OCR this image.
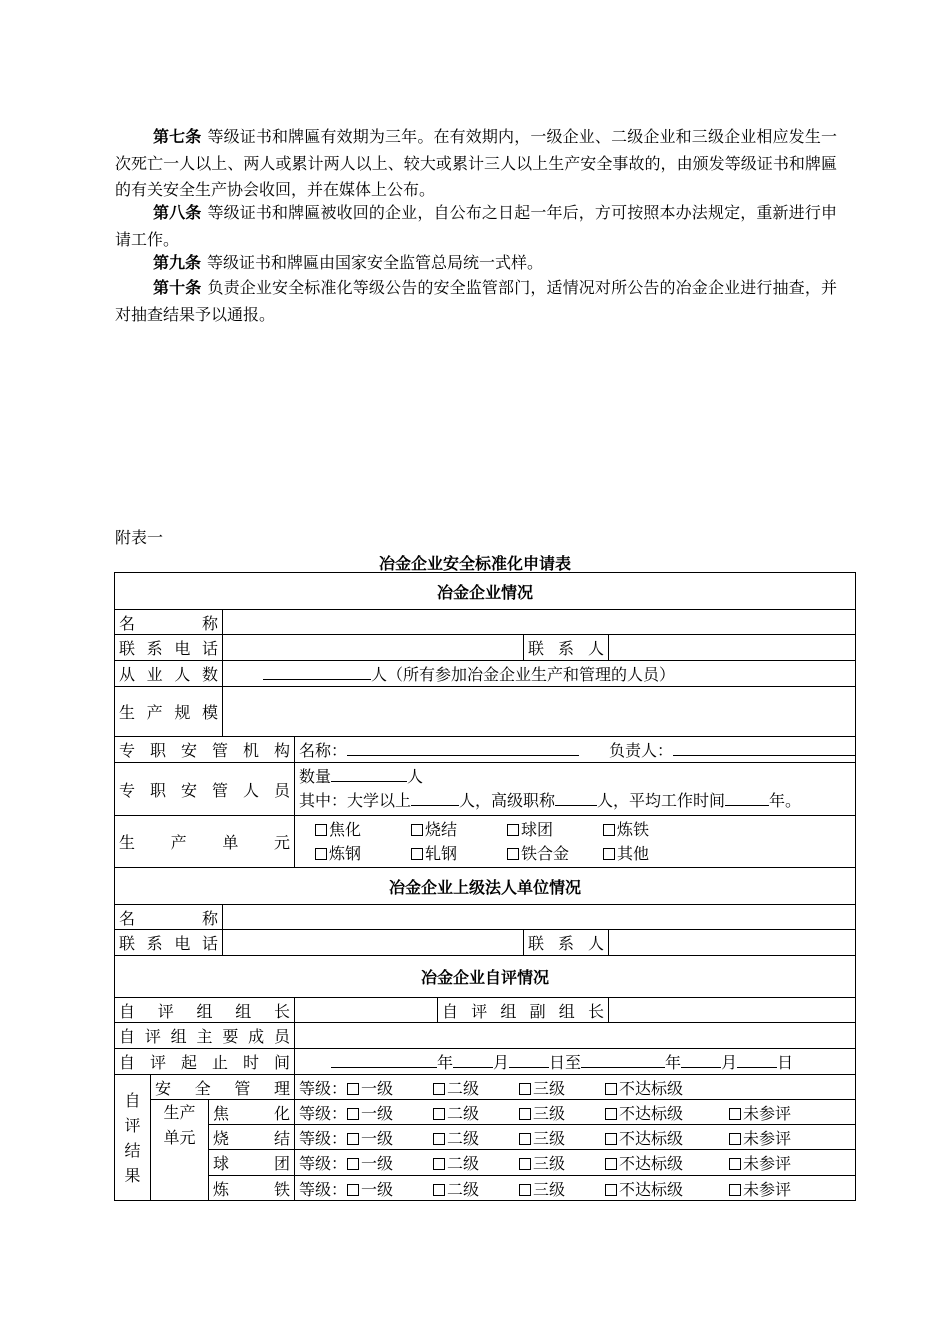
第七条 等级证书和牌匾有效期为三年。在有效期内，一级企业、二级企业和三级企业相应发生一次死亡一人以上、两人或累计两人以上、较大或累计三人以上生产安全事故的，由颁发等级证书和牌匾的有关安全生产协会收回，并在媒体上公布。

第八条 等级证书和牌匾被收回的企业，自公布之日起一年后，方可按照本办法规定，重新进行申请工作。

第九条 等级证书和牌匾由国家安全监管总局统一式样。

第十条 负责企业安全标准化等级公告的安全监管部门，适情况对所公告的冶金企业进行抽查，并对抽查结果予以通报。

附表一
冶金企业安全标准化申请表
冶金企业情况							
名称							
联系电话						联系人	
从业人数			人（所有参加冶金企业生产和管理的人员）				
生产规模							
专职安管机构				名称： 负责人：			
专职安管人员				数量 人
其中：大学以上 人，高级职称 人，平均工作时间 年。			

生产单元				焦化 烧结 球团 炼铁
炼钢 轧钢 铁合金 其他			

冶金企业上级法人单位情况							
名称							
联系电话						联系人	
冶金企业自评情况							
自评组组长					自评组副组长		
自评组主要成员							
自评起止时间				年 月 日至 年 月 日			
自评结果	安全管理			等级： 一级 二级 三级 不达标级			
	生产单元	焦化		等级： 一级 二级 三级 不达标级 未参评			
		烧结		等级： 一级 二级 三级 不达标级 未参评			
		球团		等级： 一级 二级 三级 不达标级 未参评			
		炼铁		等级： 一级 二级 三级 不达标级 未参评			
